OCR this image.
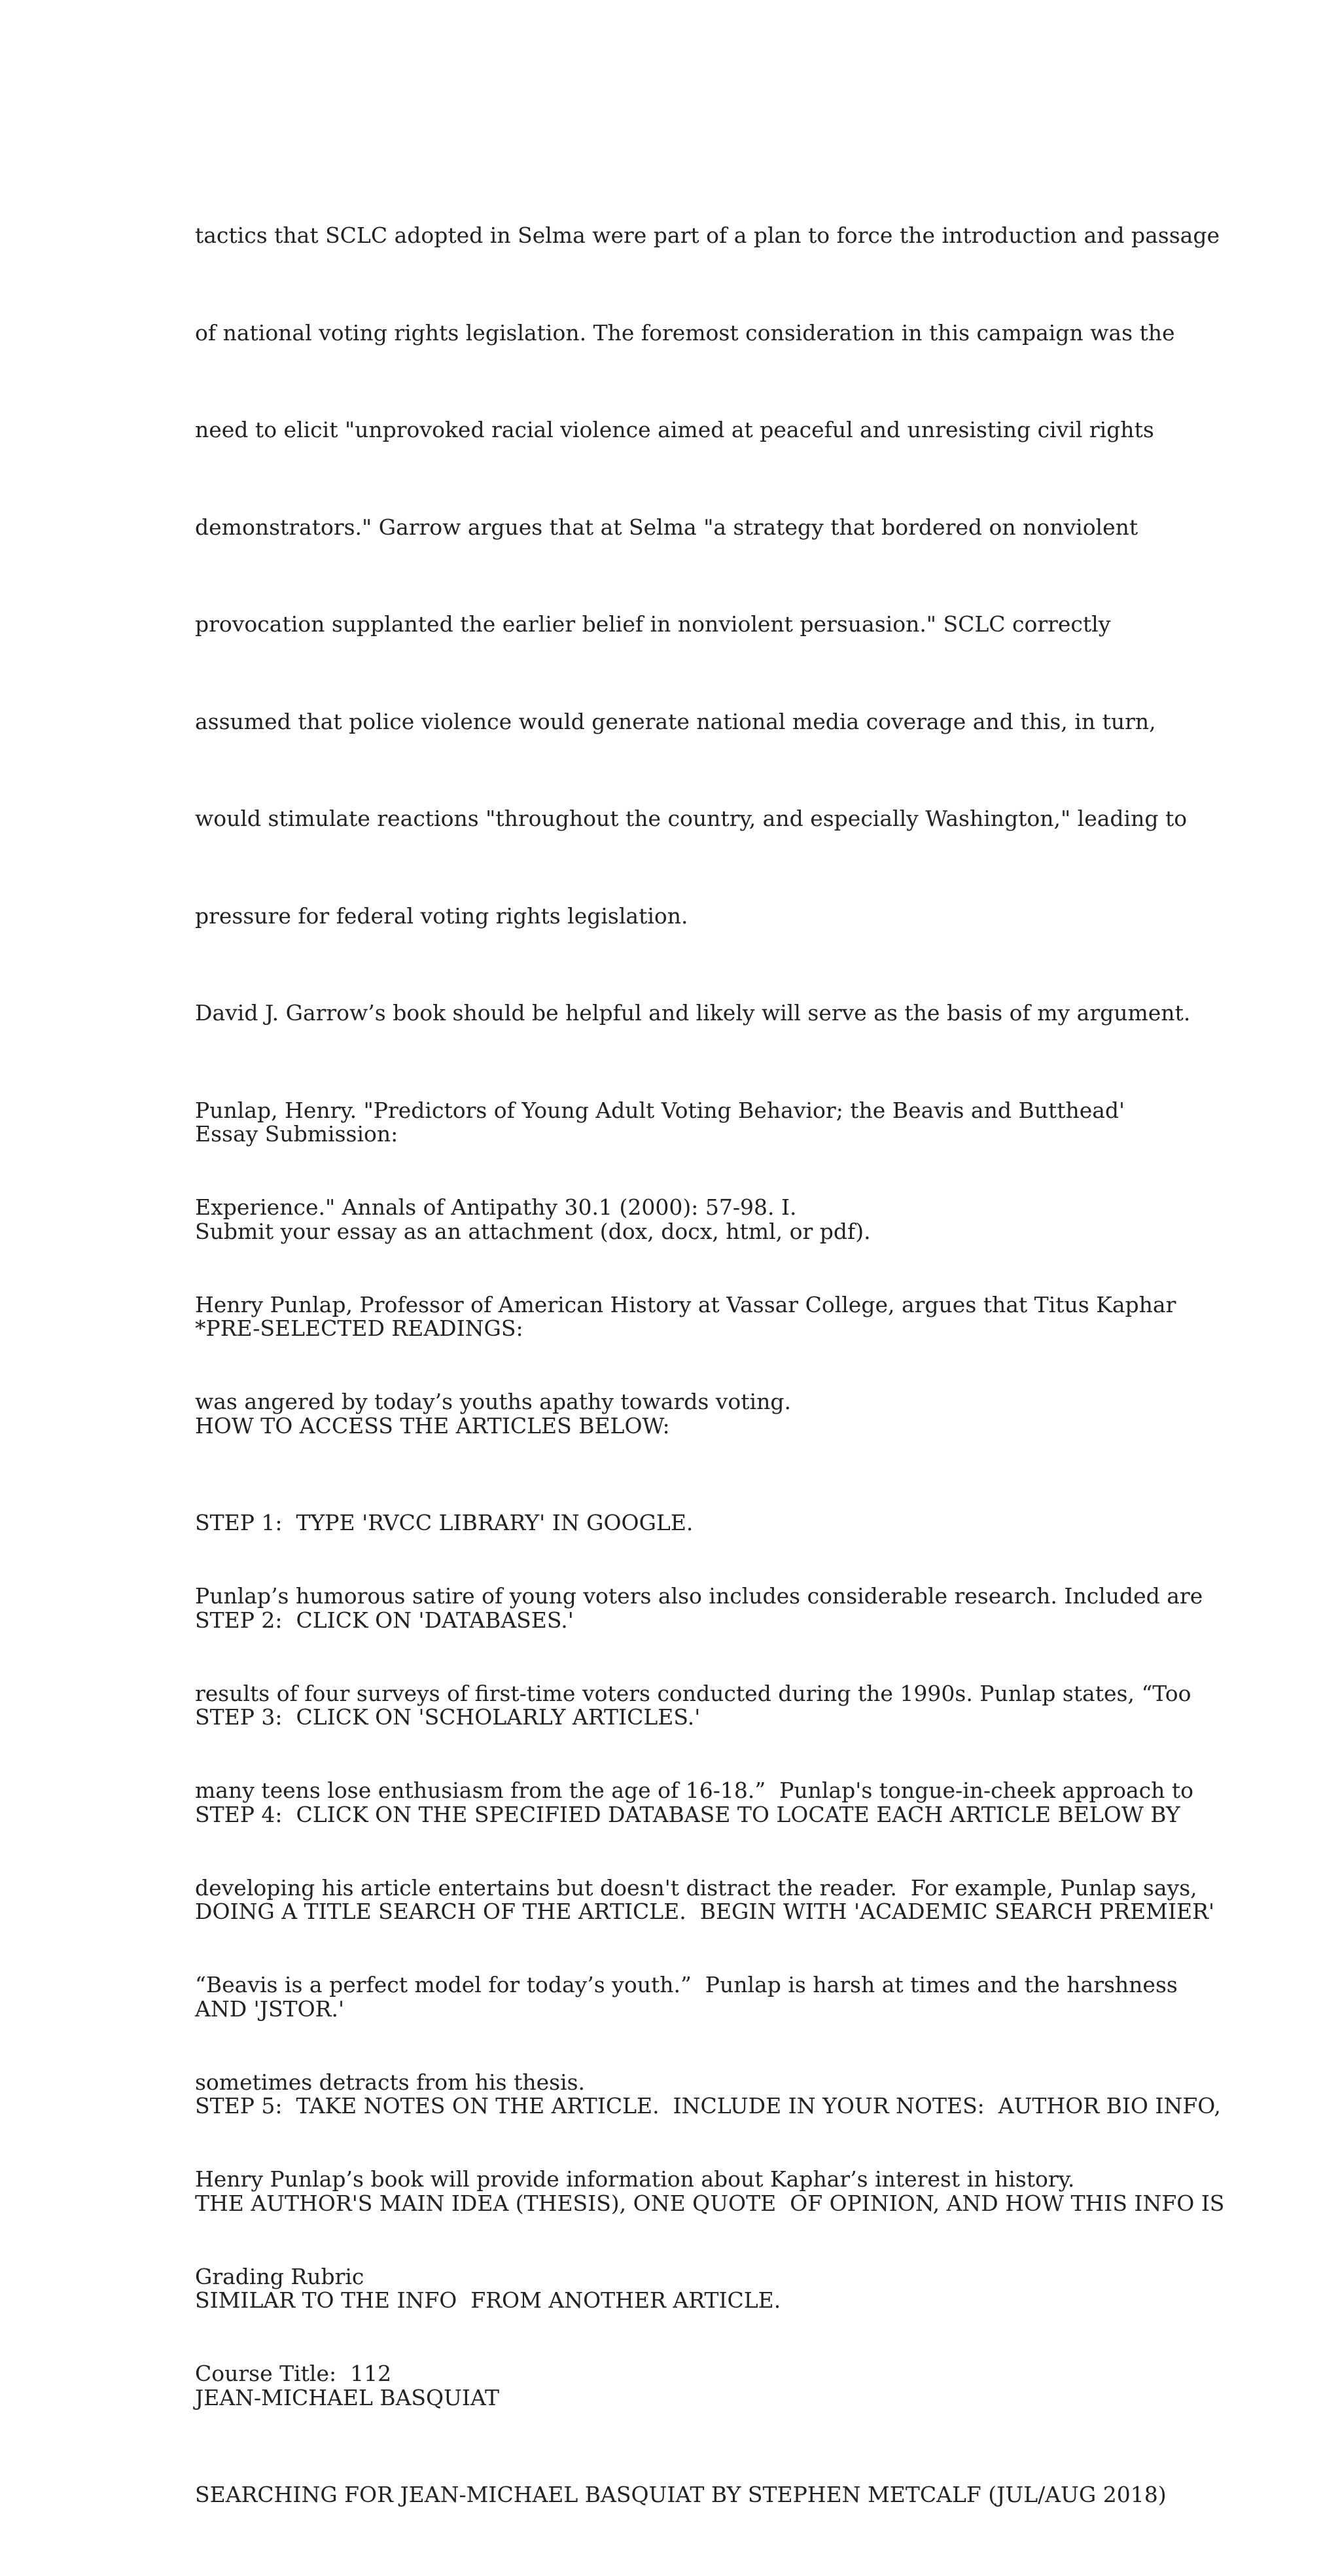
tactics that SCLC adopted in Selma were part of a plan to force the introduction and passage

of national voting rights legislation. The foremost consideration in this campaign was the

need to elicit "unprovoked racial violence aimed at peaceful and unresisting civil rights

demonstrators." Garrow argues that at Selma "a strategy that bordered on nonviolent

provocation supplanted the earlier belief in nonviolent persuasion." SCLC correctly

assumed that police violence would generate national media coverage and this, in turn,

would stimulate reactions "throughout the country, and especially Washington," leading to

pressure for federal voting rights legislation.

David J. Garrow’s book should be helpful and likely will serve as the basis of my argument.

Punlap, Henry. "Predictors of Young Adult Voting Behavior; the Beavis and Butthead'

Experience." Annals of Antipathy 30.1 (2000): 57-98. I.

Henry Punlap, Professor of American History at Vassar College, argues that Titus Kaphar

was angered by today’s youths apathy towards voting.

Punlap’s humorous satire of young voters also includes considerable research. Included are

results of four surveys of first-time voters conducted during the 1990s. Punlap states, “Too

many teens lose enthusiasm from the age of 16-18.”  Punlap's tongue-in-cheek approach to

developing his article entertains but doesn't distract the reader.  For example, Punlap says,

“Beavis is a perfect model for today’s youth.”  Punlap is harsh at times and the harshness

sometimes detracts from his thesis.

Henry Punlap’s book will provide information about Kaphar’s interest in history.

Grading Rubric

Course Title:  112

Essay Submission:

Submit your essay as an attachment (dox, docx, html, or pdf).

*PRE-SELECTED READINGS:

HOW TO ACCESS THE ARTICLES BELOW:

STEP 1:  TYPE 'RVCC LIBRARY' IN GOOGLE.

STEP 2:  CLICK ON 'DATABASES.'

STEP 3:  CLICK ON 'SCHOLARLY ARTICLES.'

STEP 4:  CLICK ON THE SPECIFIED DATABASE TO LOCATE EACH ARTICLE BELOW BY

DOING A TITLE SEARCH OF THE ARTICLE.  BEGIN WITH 'ACADEMIC SEARCH PREMIER'

AND 'JSTOR.'

STEP 5:  TAKE NOTES ON THE ARTICLE.  INCLUDE IN YOUR NOTES:  AUTHOR BIO INFO,

THE AUTHOR'S MAIN IDEA (THESIS), ONE QUOTE  OF OPINION, AND HOW THIS INFO IS

SIMILAR TO THE INFO  FROM ANOTHER ARTICLE.

JEAN-MICHAEL BASQUIAT

SEARCHING FOR JEAN-MICHAEL BASQUIAT BY STEPHEN METCALF (JUL/AUG 2018)
